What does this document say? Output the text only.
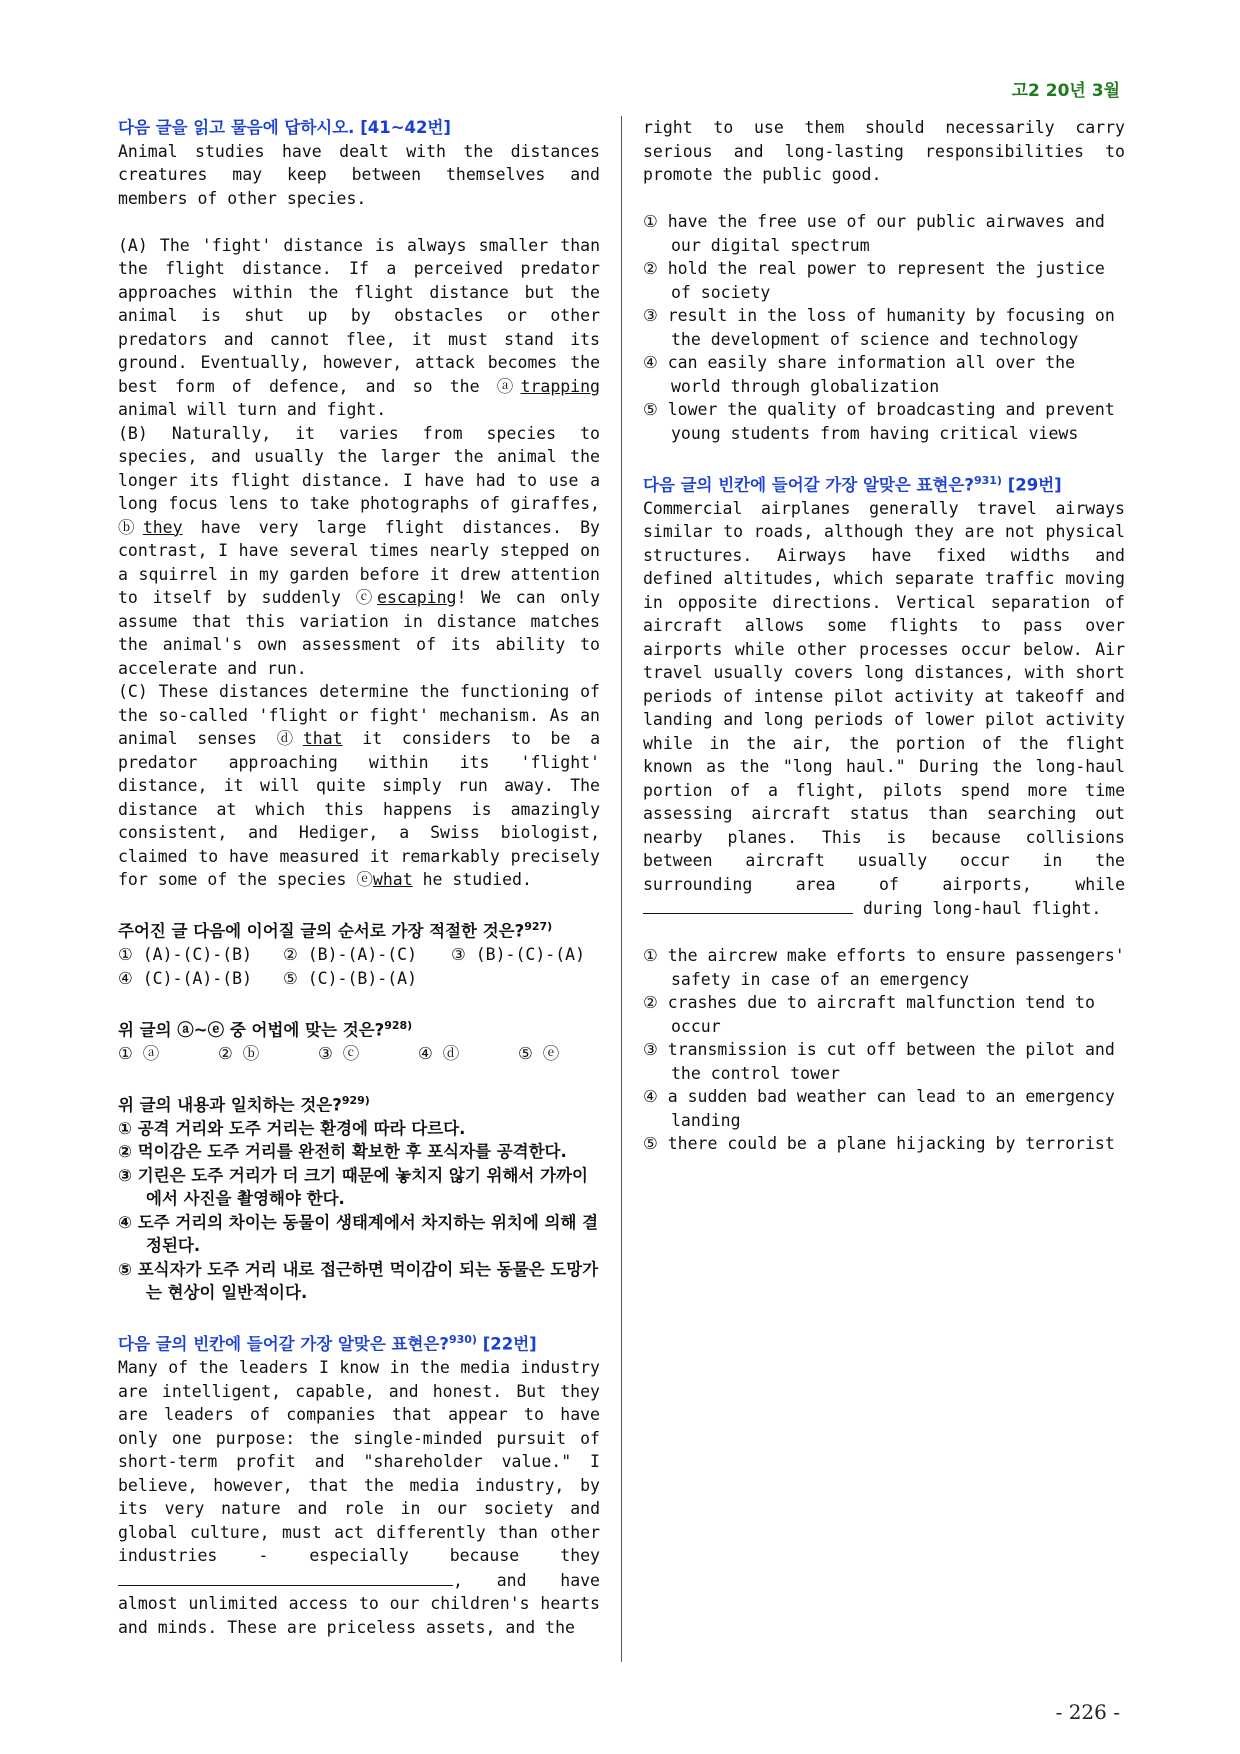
고2 20년 3월
다음 글을 읽고 물음에 답하시오. [41~42번]

Animal studies have dealt with the distances creatures may keep between themselves and members of other species.

(A) The 'fight' distance is always smaller than the flight distance. If a perceived predator approaches within the flight distance but the animal is shut up by obstacles or other predators and cannot flee, it must stand its ground. Eventually, however, attack becomes the best form of defence, and so the ⓐtrapping animal will turn and fight.

(B) Naturally, it varies from species to species, and usually the larger the animal the longer its flight distance. I have had to use a long focus lens to take photographs of giraffes, ⓑthey have very large flight distances. By contrast, I have several times nearly stepped on a squirrel in my garden before it drew attention to itself by suddenly ⓒescaping! We can only assume that this variation in distance matches the animal's own assessment of its ability to accelerate and run.

(C) These distances determine the functioning of the so-called 'flight or fight' mechanism. As an animal senses ⓓthat it considers to be a predator approaching within its 'flight' distance, it will quite simply run away. The distance at which this happens is amazingly consistent, and Hediger, a Swiss biologist, claimed to have measured it remarkably precisely for some of the species ⓔwhat he studied.

주어진 글 다음에 이어질 글의 순서로 가장 적절한 것은?$^{927)}$

① (A)-(C)-(B)	② (B)-(A)-(C)	③ (B)-(C)-(A)
④ (C)-(A)-(B)	⑤ (C)-(B)-(A)

위 글의 ⓐ~ⓔ 중 어법에 맞는 것은?$^{928)}$

① ⓐ	② ⓑ	③ ⓒ	④ ⓓ	⑤ ⓔ

위 글의 내용과 일치하는 것은?$^{929)}$

① 공격 거리와 도주 거리는 환경에 따라 다르다.

② 먹이감은 도주 거리를 완전히 확보한 후 포식자를 공격한다.

③ 기린은 도주 거리가 더 크기 때문에 놓치지 않기 위해서 가까이에서 사진을 촬영해야 한다.

④ 도주 거리의 차이는 동물이 생태계에서 차지하는 위치에 의해 결정된다.

⑤ 포식자가 도주 거리 내로 접근하면 먹이감이 되는 동물은 도망가는 현상이 일반적이다.

다음 글의 빈칸에 들어갈 가장 알맞은 표현은?$^{930)}$ [22번]

Many of the leaders I know in the media industry are intelligent, capable, and honest. But they are leaders of companies that appear to have only one purpose: the single-minded pursuit of short-term profit and "shareholder value." I believe, however, that the media industry, by its very nature and role in our society and global culture, must act differently than other industries - especially because they , and have almost unlimited access to our children's hearts and minds. These are priceless assets, and the

right to use them should necessarily carry serious and long-lasting responsibilities to promote the public good.

① have the free use of our public airwaves and our digital spectrum

② hold the real power to represent the justice of society

③ result in the loss of humanity by focusing on the development of science and technology

④ can easily share information all over the world through globalization

⑤ lower the quality of broadcasting and prevent young students from having critical views

다음 글의 빈칸에 들어갈 가장 알맞은 표현은?$^{931)}$ [29번]

Commercial airplanes generally travel airways similar to roads, although they are not physical structures. Airways have fixed widths and defined altitudes, which separate traffic moving in opposite directions. Vertical separation of aircraft allows some flights to pass over airports while other processes occur below. Air travel usually covers long distances, with short periods of intense pilot activity at takeoff and landing and long periods of lower pilot activity while in the air, the portion of the flight known as the "long haul." During the long-haul portion of a flight, pilots spend more time assessing aircraft status than searching out nearby planes. This is because collisions between aircraft usually occur in the surrounding area of airports, while  during long-haul flight.

① the aircrew make efforts to ensure passengers' safety in case of an emergency

② crashes due to aircraft malfunction tend to occur

③ transmission is cut off between the pilot and the control tower

④ a sudden bad weather can lead to an emergency landing

⑤ there could be a plane hijacking by terrorist

- 226 -
